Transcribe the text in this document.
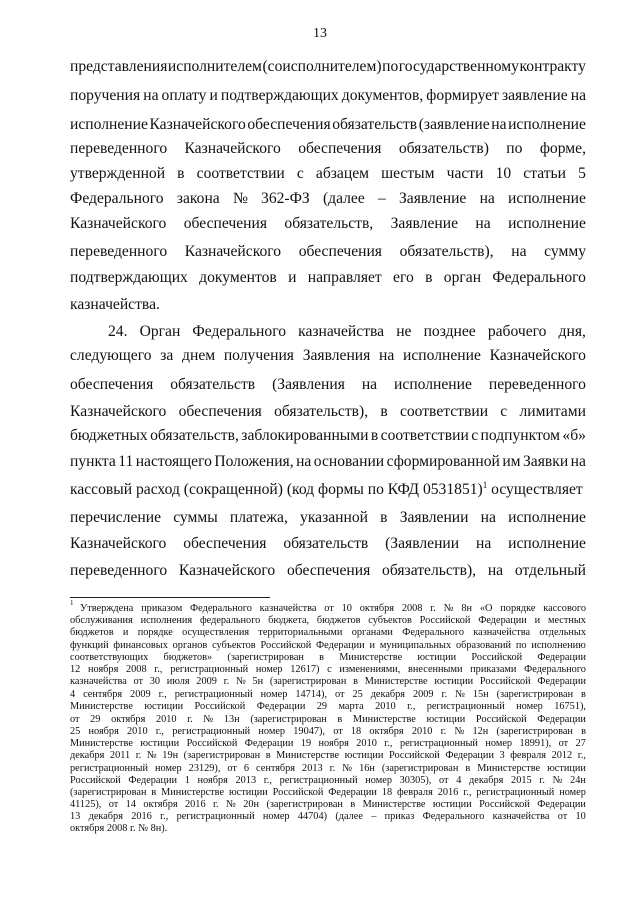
13
представления исполнителем (соисполнителем) по государственному контракту
поручения на оплату и подтверждающих документов, формирует заявление на
исполнение Казначейского обеспечения обязательств (заявление на исполнение
переведенного Казначейского обеспечения обязательств) по форме,
утвержденной в соответствии с абзацем шестым части 10 статьи 5
Федерального закона № 362-ФЗ (далее – Заявление на исполнение
Казначейского обеспечения обязательств, Заявление на исполнение
переведенного Казначейского обеспечения обязательств), на сумму
подтверждающих документов и направляет его в орган Федерального
казначейства.
24. Орган Федерального казначейства не позднее рабочего дня,
следующего за днем получения Заявления на исполнение Казначейского
обеспечения обязательств (Заявления на исполнение переведенного
Казначейского обеспечения обязательств), в соответствии с лимитами
бюджетных обязательств, заблокированными в соответствии с подпунктом «б»
пункта 11 настоящего Положения, на основании сформированной им Заявки на
кассовый расход (сокращенной) (код формы по КФД 0531851)$^1$ осуществляет
перечисление суммы платежа, указанной в Заявлении на исполнение
Казначейского обеспечения обязательств (Заявлении на исполнение
переведенного Казначейского обеспечения обязательств), на отдельный
1 Утверждена приказом Федерального казначейства от 10 октября 2008 г. № 8н «О порядке кассового
обслуживания исполнения федерального бюджета, бюджетов субъектов Российской Федерации и местных
бюджетов и порядке осуществления территориальными органами Федерального казначейства отдельных
функций финансовых органов субъектов Российской Федерации и муниципальных образований по исполнению
соответствующих бюджетов» (зарегистрирован в Министерстве юстиции Российской Федерации
12 ноября 2008 г., регистрационный номер 12617) с изменениями, внесенными приказами Федерального
казначейства от 30 июля 2009 г. № 5н (зарегистрирован в Министерстве юстиции Российской Федерации
4 сентября 2009 г., регистрационный номер 14714), от 25 декабря 2009 г. № 15н (зарегистрирован в
Министерстве юстиции Российской Федерации 29 марта 2010 г., регистрационный номер 16751),
от 29 октября 2010 г. № 13н (зарегистрирован в Министерстве юстиции Российской Федерации
25 ноября 2010 г., регистрационный номер 19047), от 18 октября 2010 г. № 12н (зарегистрирован в
Министерстве юстиции Российской Федерации 19 ноября 2010 г., регистрационный номер 18991), от 27
декабря 2011 г. № 19н (зарегистрирован в Министерстве юстиции Российской Федерации 3 февраля 2012 г.,
регистрационный номер 23129), от 6 сентября 2013 г. № 16н (зарегистрирован в Министерстве юстиции
Российской Федерации 1 ноября 2013 г., регистрационный номер 30305), от 4 декабря 2015 г. № 24н
(зарегистрирован в Министерстве юстиции Российской Федерации 18 февраля 2016 г., регистрационный номер
41125), от 14 октября 2016 г. № 20н (зарегистрирован в Министерстве юстиции Российской Федерации
13 декабря 2016 г., регистрационный номер 44704) (далее – приказ Федерального казначейства от 10
октября 2008 г. № 8н).
